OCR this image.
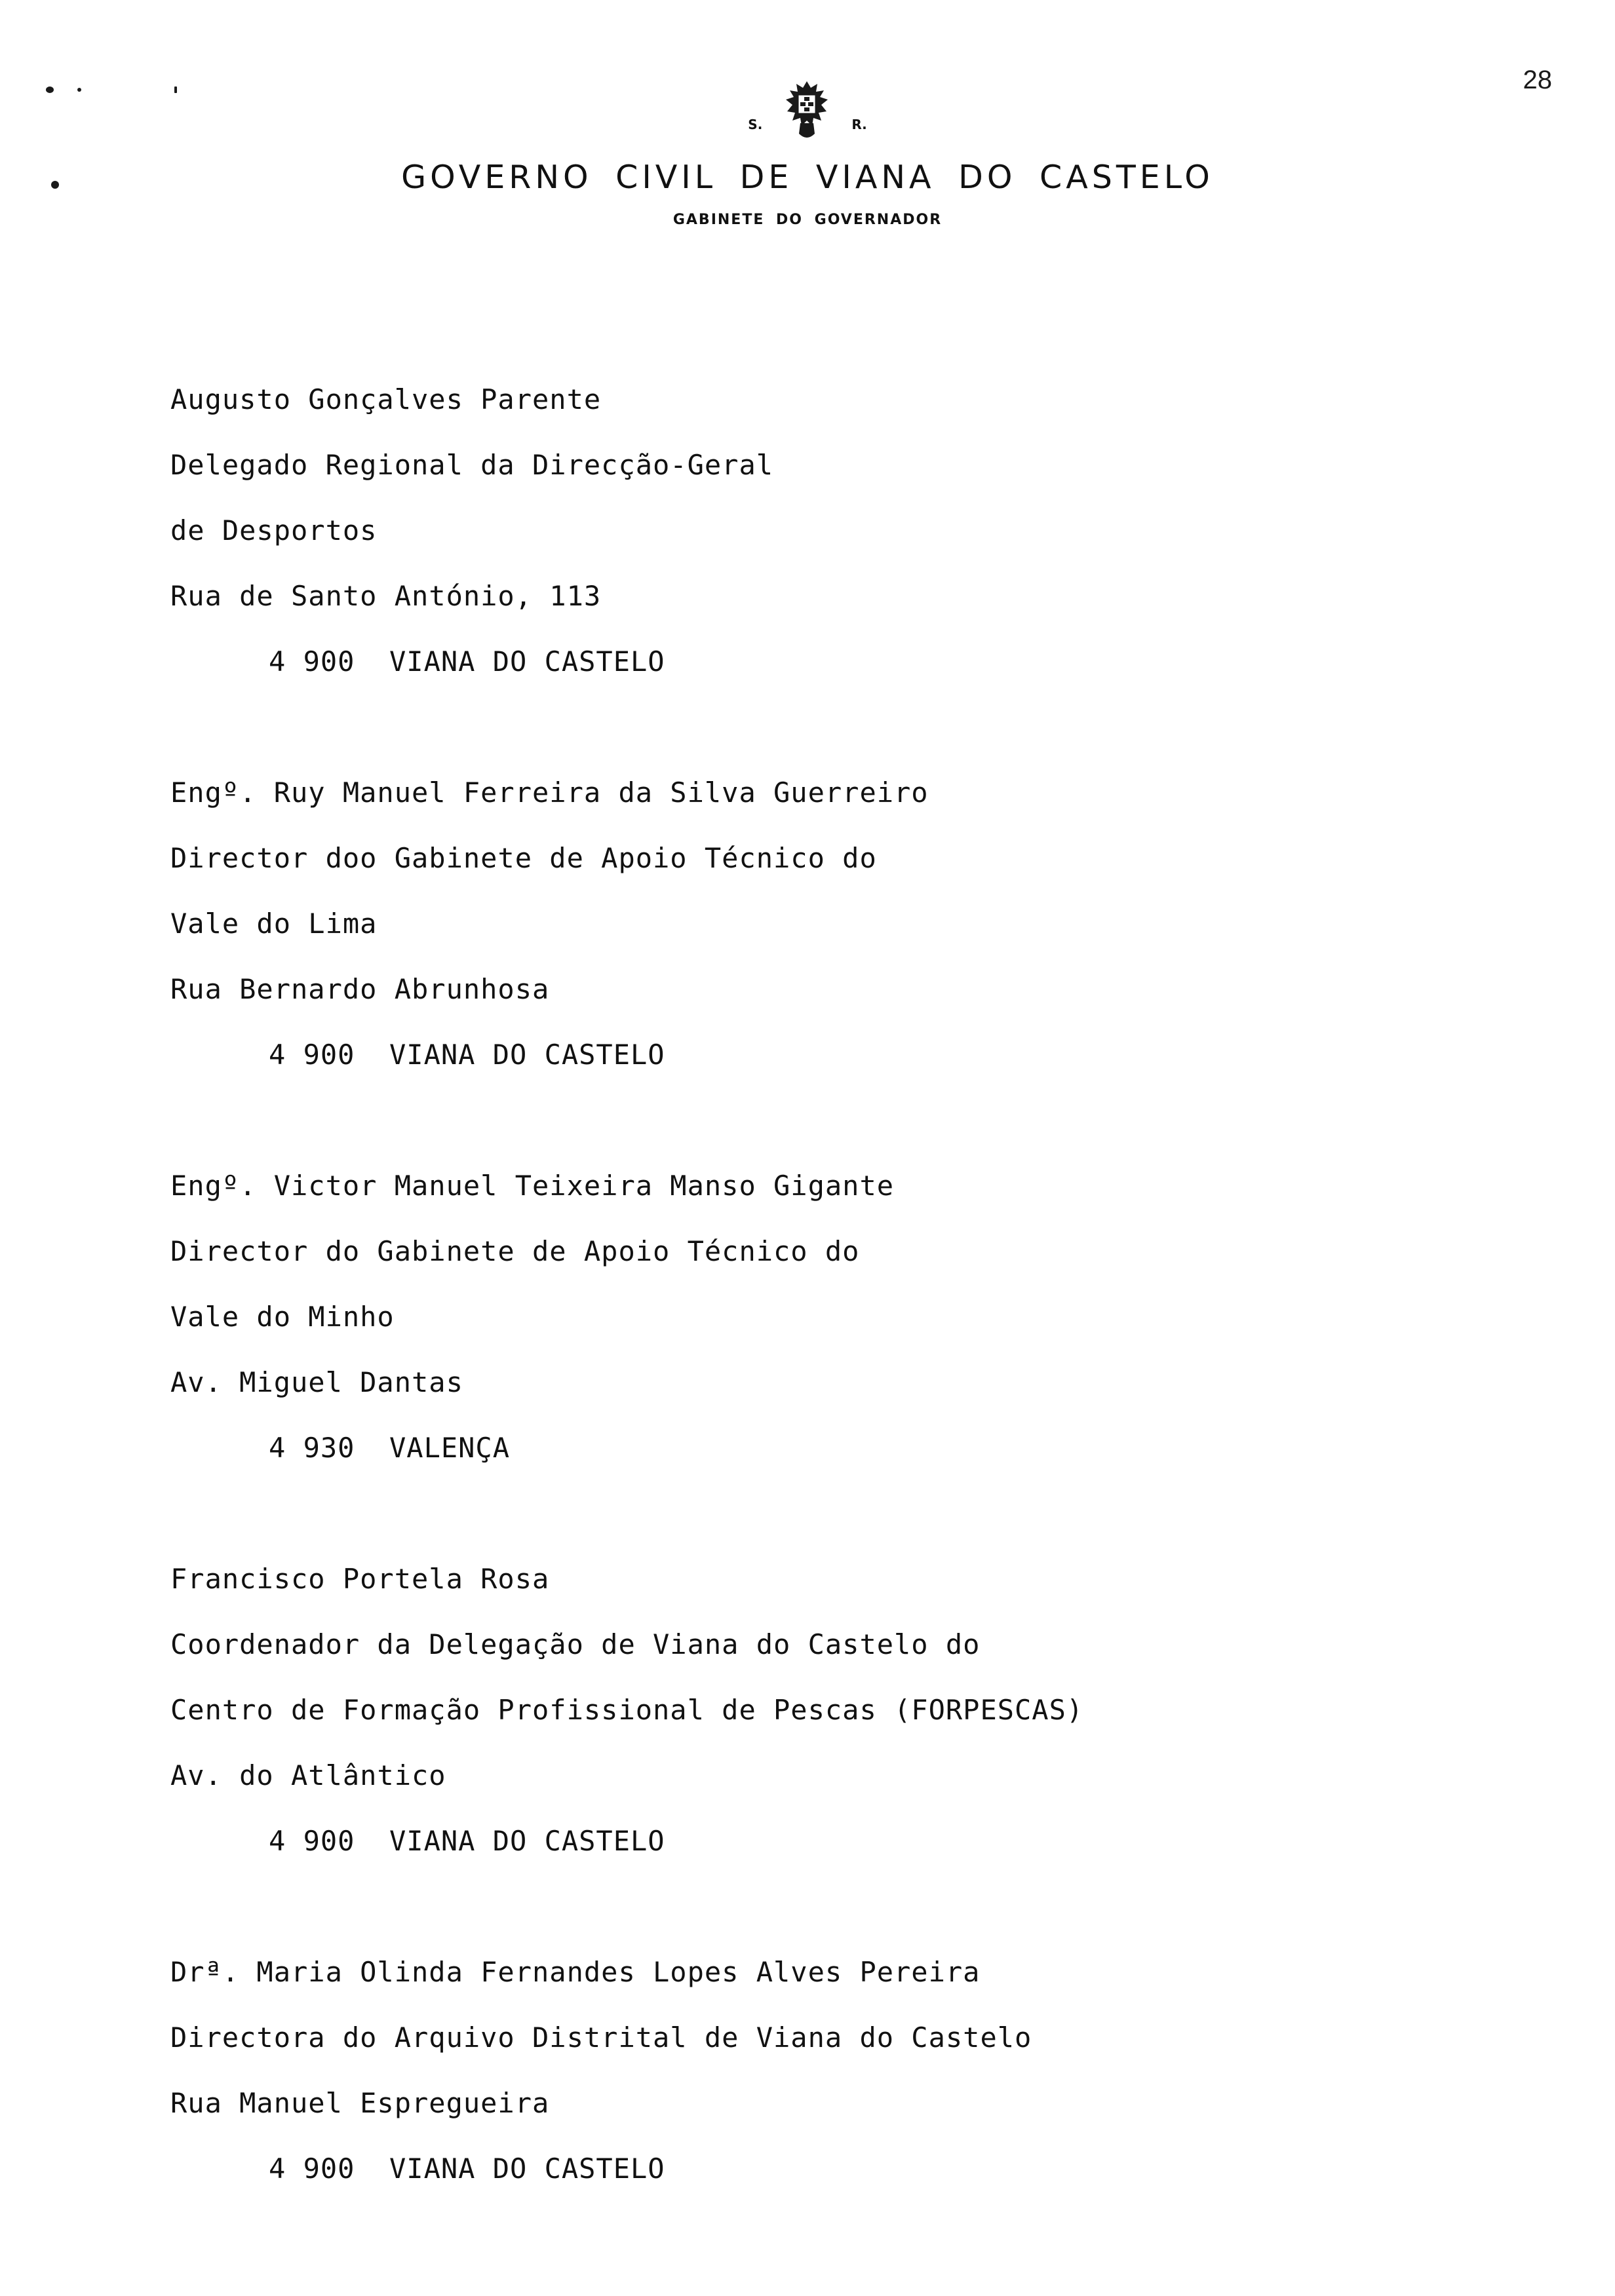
28
S.	R.
GOVERNO CIVIL DE VIANA DO CASTELO
GABINETE DO GOVERNADOR
Augusto Gonçalves Parente
Delegado Regional da Direcção-Geral
de Desportos
Rua de Santo António, 113
4 900  VIANA DO CASTELO
Engº. Ruy Manuel Ferreira da Silva Guerreiro
Director doo Gabinete de Apoio Técnico do
Vale do Lima
Rua Bernardo Abrunhosa
4 900  VIANA DO CASTELO
Engº. Victor Manuel Teixeira Manso Gigante
Director do Gabinete de Apoio Técnico do
Vale do Minho
Av. Miguel Dantas
4 930  VALENÇA
Francisco Portela Rosa
Coordenador da Delegação de Viana do Castelo do
Centro de Formação Profissional de Pescas (FORPESCAS)
Av. do Atlântico
4 900  VIANA DO CASTELO
Drª. Maria Olinda Fernandes Lopes Alves Pereira
Directora do Arquivo Distrital de Viana do Castelo
Rua Manuel Espregueira
4 900  VIANA DO CASTELO
